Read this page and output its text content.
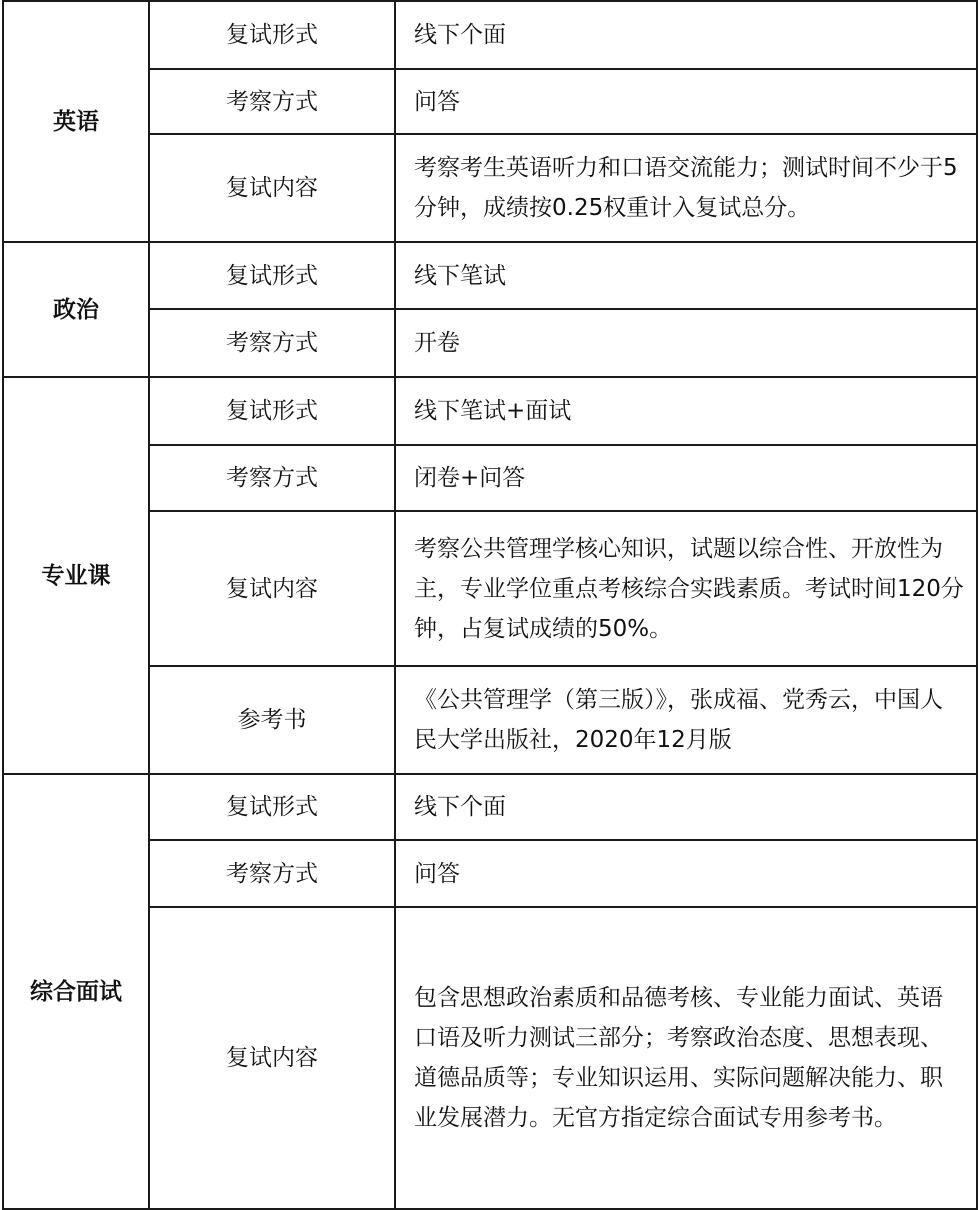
英语	复试形式	线下个面
	考察方式	问答
	复试内容	考察考生英语听力和口语交流能力；测试时间不少于5分钟，成绩按0.25权重计入复试总分。
政治	复试形式	线下笔试
	考察方式	开卷
专业课	复试形式	线下笔试+面试
	考察方式	闭卷+问答
	复试内容	考察公共管理学核心知识，试题以综合性、开放性为主，专业学位重点考核综合实践素质。考试时间120分钟，占复试成绩的50%。
	参考书	《公共管理学（第三版）》，张成福、党秀云，中国人民大学出版社，2020年12月版
综合面试	复试形式	线下个面
	考察方式	问答
	复试内容	包含思想政治素质和品德考核、专业能力面试、英语口语及听力测试三部分；考察政治态度、思想表现、道德品质等；专业知识运用、实际问题解决能力、职业发展潜力。无官方指定综合面试专用参考书。
